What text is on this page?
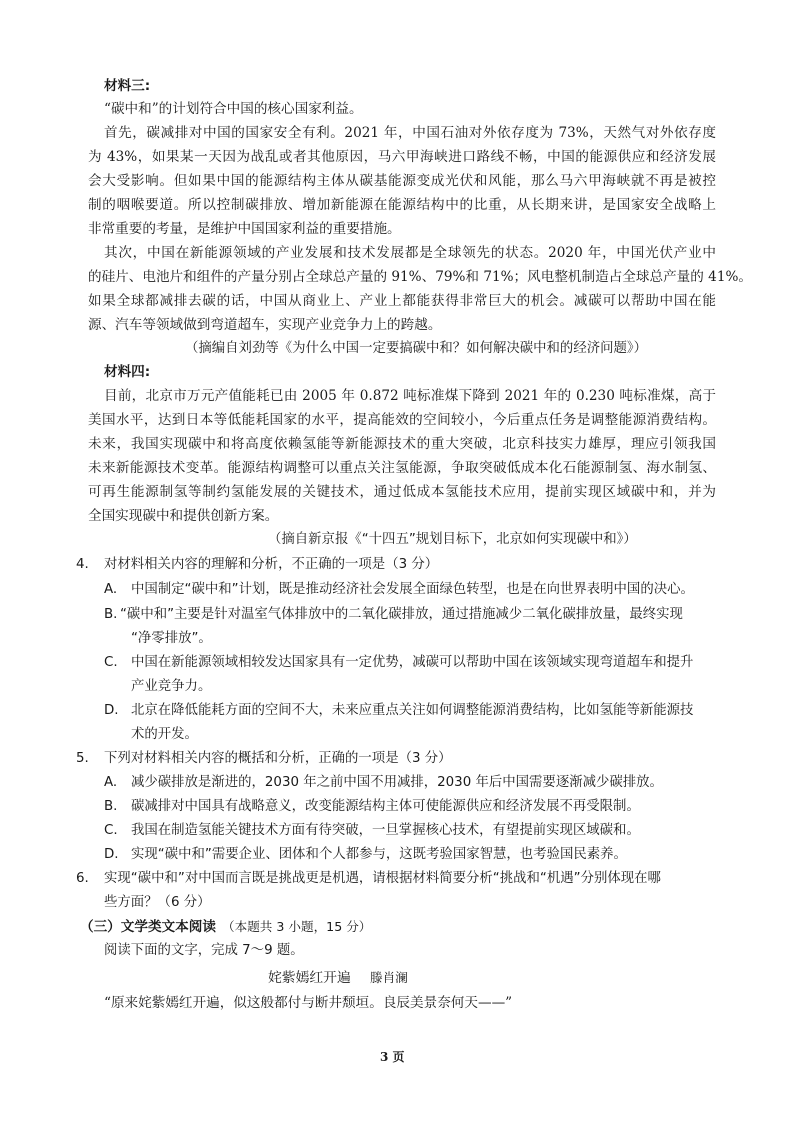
材料三:
“碳中和”的计划符合中国的核心国家利益。
首先，碳减排对中国的国家安全有利。2021 年，中国石油对外依存度为 73%，天然气对外依存度
为 43%，如果某一天因为战乱或者其他原因，马六甲海峡进口路线不畅，中国的能源供应和经济发展
会大受影响。但如果中国的能源结构主体从碳基能源变成光伏和风能，那么马六甲海峡就不再是被控
制的咽喉要道。所以控制碳排放、增加新能源在能源结构中的比重，从长期来讲，是国家安全战略上
非常重要的考量，是维护中国国家利益的重要措施。
其次，中国在新能源领域的产业发展和技术发展都是全球领先的状态。2020 年，中国光伏产业中
的硅片、电池片和组件的产量分别占全球总产量的 91%、79%和 71%；风电整机制造占全球总产量的 41%。
如果全球都减排去碳的话，中国从商业上、产业上都能获得非常巨大的机会。减碳可以帮助中国在能
源、汽车等领域做到弯道超车，实现产业竞争力上的跨越。
（摘编自刘劲等《为什么中国一定要搞碳中和？如何解决碳中和的经济问题》）
材料四:
目前，北京市万元产值能耗已由 2005 年 0.872 吨标准煤下降到 2021 年的 0.230 吨标准煤，高于
美国水平，达到日本等低能耗国家的水平，提高能效的空间较小，今后重点任务是调整能源消费结构。
未来，我国实现碳中和将高度依赖氢能等新能源技术的重大突破，北京科技实力雄厚，理应引领我国
未来新能源技术变革。能源结构调整可以重点关注氢能源，争取突破低成本化石能源制氢、海水制氢、
可再生能源制氢等制约氢能发展的关键技术，通过低成本氢能技术应用，提前实现区域碳中和，并为
全国实现碳中和提供创新方案。
（摘自新京报《“十四五”规划目标下，北京如何实现碳中和》）
4. 对材料相关内容的理解和分析，不正确的一项是（3 分）
A. 中国制定“碳中和”计划，既是推动经济社会发展全面绿色转型，也是在向世界表明中国的决心。
B. “碳中和”主要是针对温室气体排放中的二氧化碳排放，通过措施减少二氧化碳排放量，最终实现
“净零排放”。
C. 中国在新能源领域相较发达国家具有一定优势，减碳可以帮助中国在该领域实现弯道超车和提升
产业竞争力。
D. 北京在降低能耗方面的空间不大，未来应重点关注如何调整能源消费结构，比如氢能等新能源技
术的开发。
5. 下列对材料相关内容的概括和分析，正确的一项是（3 分）
A. 减少碳排放是渐进的，2030 年之前中国不用减排，2030 年后中国需要逐渐减少碳排放。
B. 碳减排对中国具有战略意义，改变能源结构主体可使能源供应和经济发展不再受限制。
C. 我国在制造氢能关键技术方面有待突破，一旦掌握核心技术，有望提前实现区域碳和。
D. 实现“碳中和”需要企业、团体和个人都参与，这既考验国家智慧，也考验国民素养。
6. 实现“碳中和”对中国而言既是挑战更是机遇，请根据材料简要分析“挑战和“机遇”分别体现在哪
些方面？（6 分）
（三）文学类文本阅读 （本题共 3 小题，15 分）
阅读下面的文字，完成 7～9 题。
姹紫嫣红开遍 滕肖澜
“原来姹紫嫣红开遍，似这般都付与断井颓垣。良辰美景奈何天——”
3 页
